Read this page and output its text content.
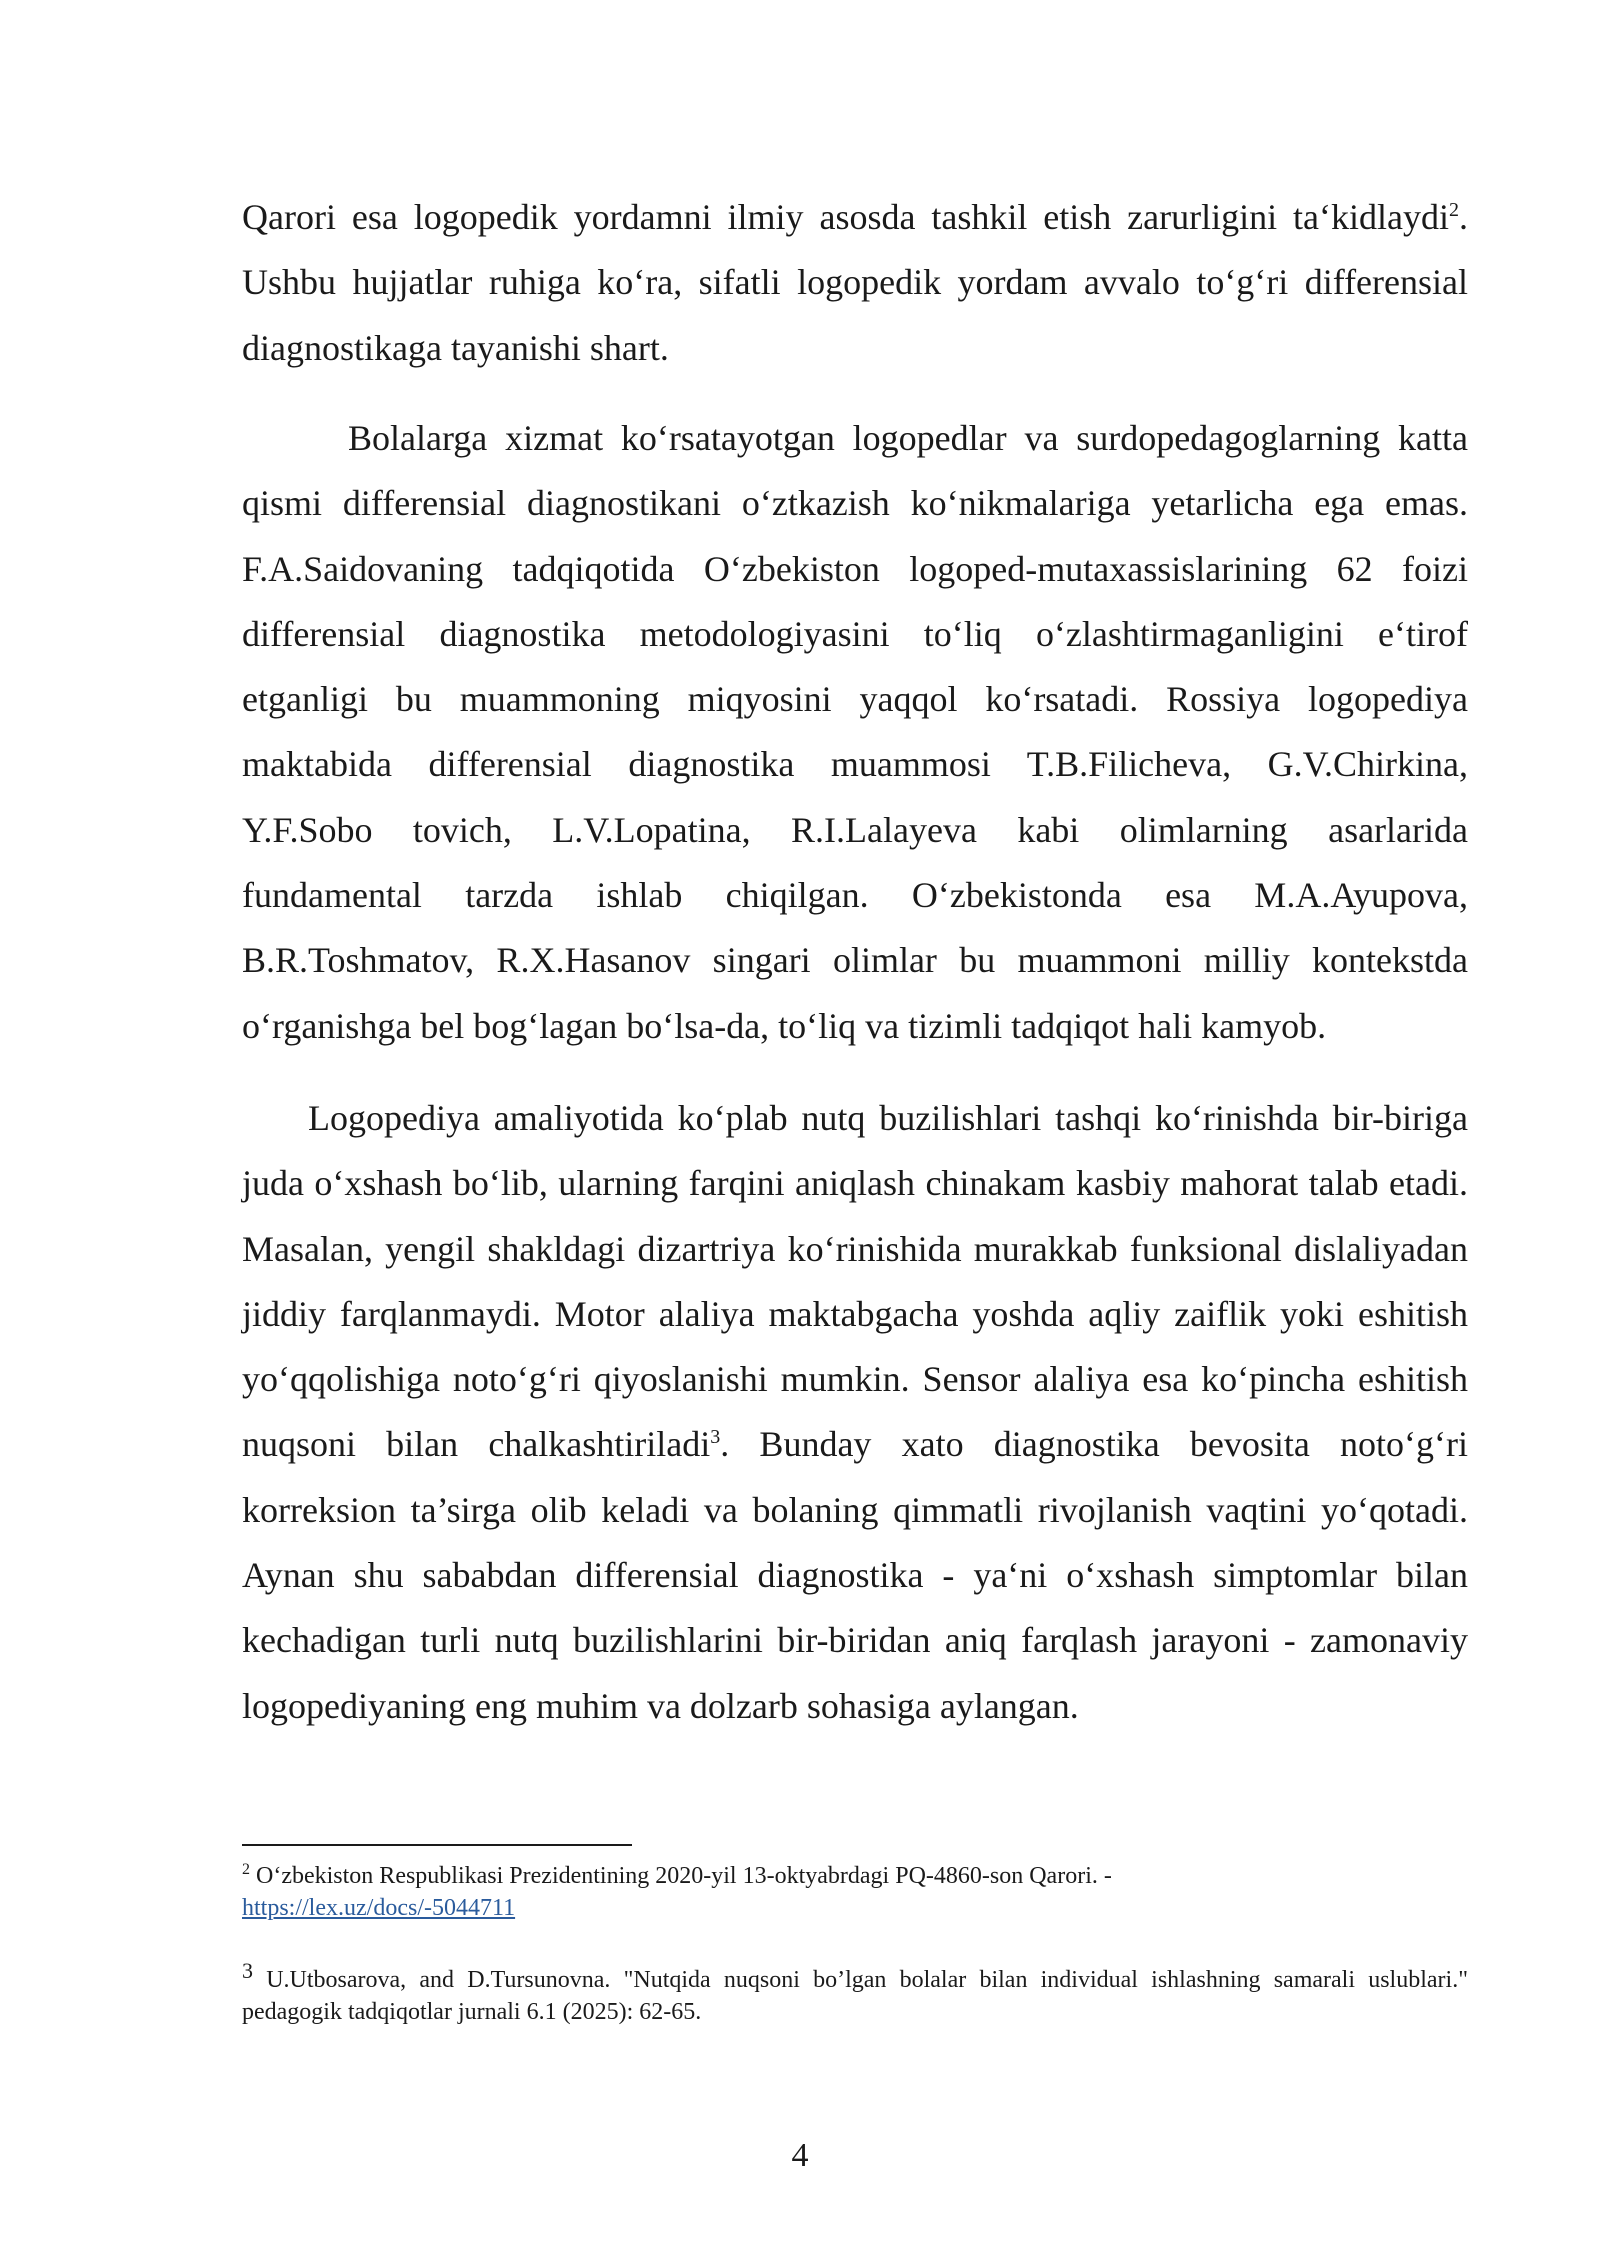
Qarori esa logopedik yordamni ilmiy asosda tashkil etish zarurligini ta‘kidlaydi$^2$. Ushbu hujjatlar ruhiga ko‘ra, sifatli logopedik yordam avvalo to‘g‘ri differensial diagnostikaga tayanishi shart.

Bolalarga xizmat ko‘rsatayotgan logopedlar va surdopedagoglarning katta qismi differensial diagnostikani o‘ztkazish ko‘nikmalariga yetarlicha ega emas. F.A.Saidovaning tadqiqotida O‘zbekiston logoped-mutaxassislarining 62 foizi differensial diagnostika metodologiyasini to‘liq o‘zlashtirmaganligini e‘tirof etganligi bu muammoning miqyosini yaqqol ko‘rsatadi. Rossiya logopediya maktabida differensial diagnostika muammosi T.B.Filicheva, G.V.Chirkina, Y.F.Sobo tovich, L.V.Lopatina, R.I.Lalayeva kabi olimlarning asarlarida fundamental tarzda ishlab chiqilgan. O‘zbekistonda esa M.A.Ayupova, B.R.Toshmatov, R.X.Hasanov singari olimlar bu muammoni milliy kontekstda o‘rganishga bel bog‘lagan bo‘lsa-da, to‘liq va tizimli tadqiqot hali kamyob.

Logopediya amaliyotida ko‘plab nutq buzilishlari tashqi ko‘rinishda bir-biriga juda o‘xshash bo‘lib, ularning farqini aniqlash chinakam kasbiy mahorat talab etadi. Masalan, yengil shakldagi dizartriya ko‘rinishida murakkab funksional dislaliyadan jiddiy farqlanmaydi. Motor alaliya maktabgacha yoshda aqliy zaiflik yoki eshitish yo‘qqolishiga noto‘g‘ri qiyoslanishi mumkin. Sensor alaliya esa ko‘pincha eshitish nuqsoni bilan chalkashtiriladi$^3$. Bunday xato diagnostika bevosita noto‘g‘ri korreksion ta’sirga olib keladi va bolaning qimmatli rivojlanish vaqtini yo‘qotadi. Aynan shu sababdan differensial diagnostika - ya‘ni o‘xshash simptomlar bilan kechadigan turli nutq buzilishlarini bir-biridan aniq farqlash jarayoni - zamonaviy logopediyaning eng muhim va dolzarb sohasiga aylangan.

$^2$ O‘zbekiston Respublikasi Prezidentining 2020-yil 13-oktyabrdagi PQ-4860-son Qarori. -
https://lex.uz/docs/-5044711

3 U.Utbosarova, and D.Tursunovna. "Nutqida nuqsoni bo’lgan bolalar bilan individual ishlashning samarali uslublari." pedagogik tadqiqotlar jurnali 6.1 (2025): 62-65.

4
